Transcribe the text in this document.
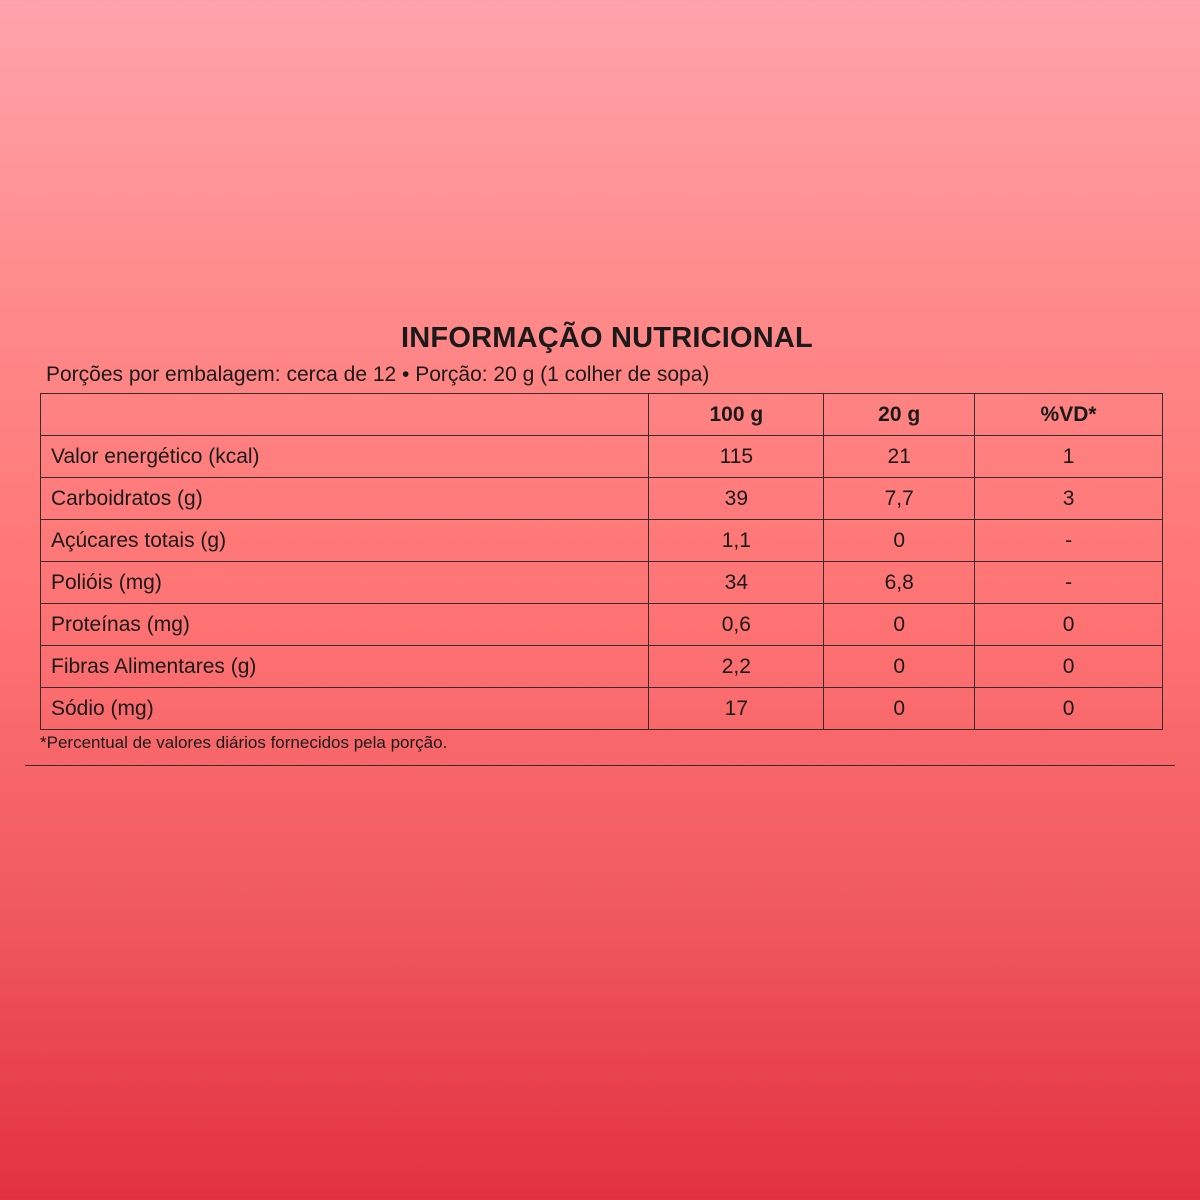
INFORMAÇÃO NUTRICIONAL
Porções por embalagem: cerca de 12 • Porção: 20 g (1 colher de sopa)
	100 g	20 g	%VD*
Valor energético (kcal)	115	21	1
Carboidratos (g)	39	7,7	3
Açúcares totais (g)	1,1	0	-
Polióis (mg)	34	6,8	-
Proteínas (mg)	0,6	0	0
Fibras Alimentares (g)	2,2	0	0
Sódio (mg)	17	0	0
*Percentual de valores diários fornecidos pela porção.
